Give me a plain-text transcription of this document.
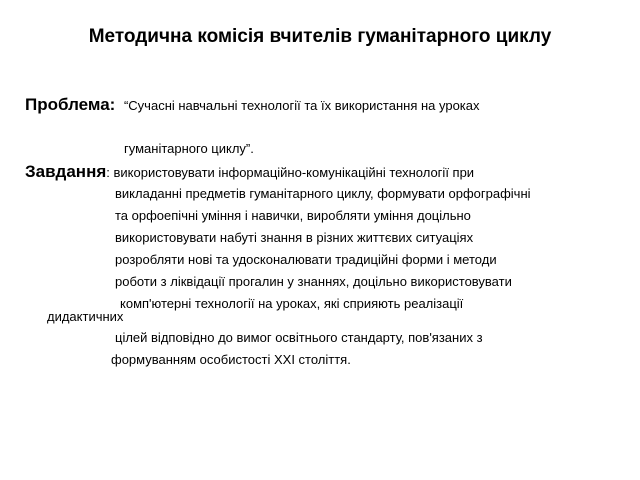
Методична комісія вчителів гуманітарного циклу
Проблема: “Сучасні навчальні технології та їх використання на уроках
гуманітарного циклу”.
Завдання: використовувати інформаційно-комунікаційні технології при
викладанні предметів гуманітарного циклу, формувати орфографічні
та орфоепічні уміння і навички, виробляти уміння доцільно
використовувати набуті знання в різних життєвих ситуаціях
розробляти нові та удосконалювати традиційні форми і методи
роботи з ліквідації прогалин у знаннях, доцільно використовувати
комп'ютерні технології на уроках, які сприяють реалізації
дидактичних
цілей відповідно до вимог освітнього стандарту, пов'язаних з
формуванням особистості XXI століття.
